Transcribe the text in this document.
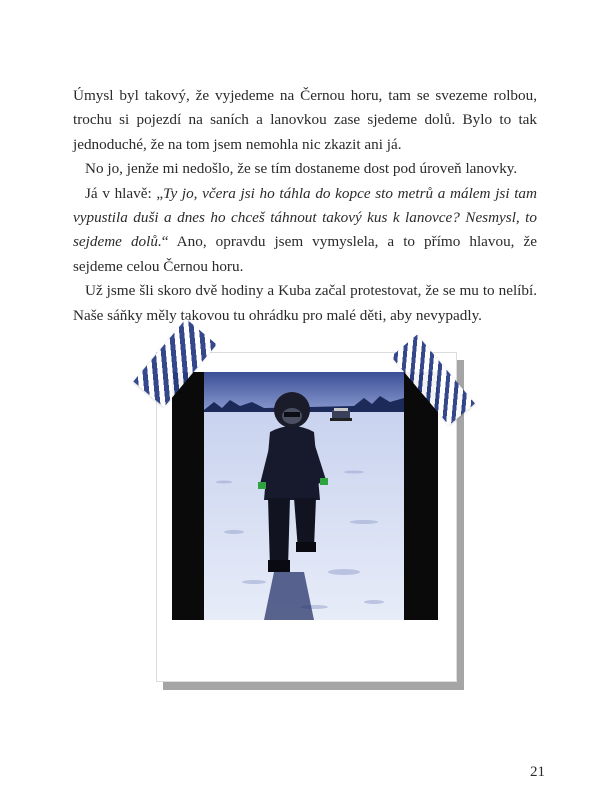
Úmysl byl takový, že vyjedeme na Černou horu, tam se svezeme rolbou, trochu si pojezdí na saních a lanovkou zase sjedeme dolů. Bylo to tak jednoduché, že na tom jsem nemohla nic zkazit ani já.

No jo, jenže mi nedošlo, že se tím dostaneme dost pod úroveň lanovky.

Já v hlavě: „Ty jo, včera jsi ho táhla do kopce sto metrů a málem jsi tam vypustila duši a dnes ho chceš táhnout takový kus k lanovce? Nesmysl, to sejdeme dolů.“ Ano, opravdu jsem vymyslela, a to přímo hlavou, že sejdeme celou Černou horu.

Už jsme šli skoro dvě hodiny a Kuba začal protestovat, že se mu to nelíbí. Naše sáňky měly takovou tu ohrádku pro malé děti, aby nevypadly.

21
